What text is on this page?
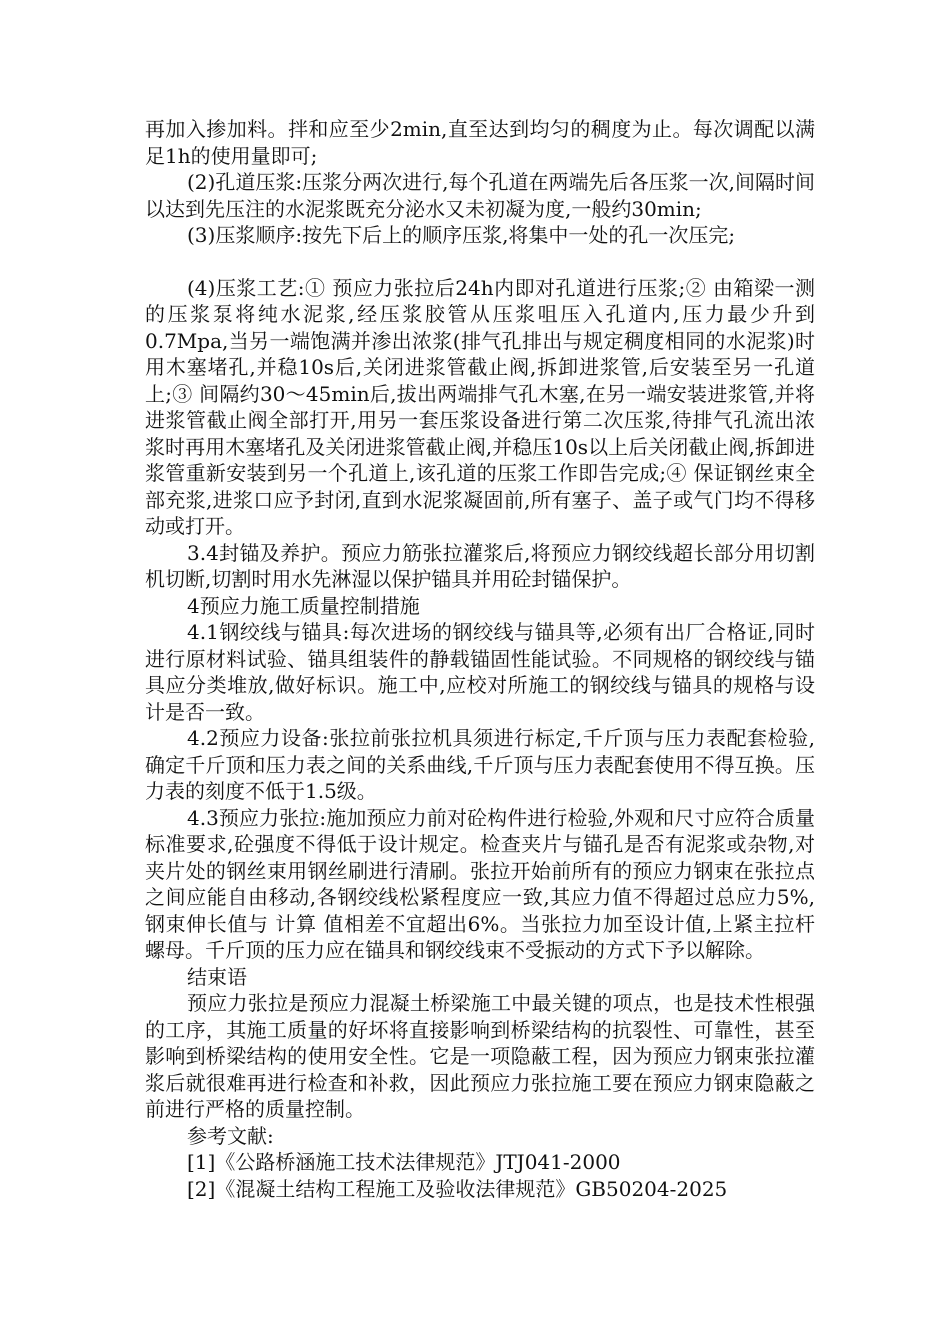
再加入掺加料。拌和应至少2min,直至达到均匀的稠度为止。每次调配以满足1h的使用量即可;

(2)孔道压浆:压浆分两次进行,每个孔道在两端先后各压浆一次,间隔时间以达到先压注的水泥浆既充分泌水又未初凝为度,一般约30min;

(3)压浆顺序:按先下后上的顺序压浆,将集中一处的孔一次压完;

(4)压浆工艺:① 预应力张拉后24h内即对孔道进行压浆;② 由箱梁一测的压浆泵将纯水泥浆,经压浆胶管从压浆咀压入孔道内,压力最少升到0.7Mpa,当另一端饱满并渗出浓浆(排气孔排出与规定稠度相同的水泥浆)时用木塞堵孔,并稳10s后,关闭进浆管截止阀,拆卸进浆管,后安装至另一孔道上;③ 间隔约30～45min后,拔出两端排气孔木塞,在另一端安装进浆管,并将进浆管截止阀全部打开,用另一套压浆设备进行第二次压浆,待排气孔流出浓浆时再用木塞堵孔及关闭进浆管截止阀,并稳压10s以上后关闭截止阀,拆卸进浆管重新安装到另一个孔道上,该孔道的压浆工作即告完成;④ 保证钢丝束全部充浆,进浆口应予封闭,直到水泥浆凝固前,所有塞子、盖子或气门均不得移动或打开。

3.4封锚及养护。预应力筋张拉灌浆后,将预应力钢绞线超长部分用切割机切断,切割时用水先淋湿以保护锚具并用砼封锚保护。

4预应力施工质量控制措施

4.1钢绞线与锚具:每次进场的钢绞线与锚具等,必须有出厂合格证,同时进行原材料试验、锚具组装件的静载锚固性能试验。不同规格的钢绞线与锚具应分类堆放,做好标识。施工中,应校对所施工的钢绞线与锚具的规格与设计是否一致。

4.2预应力设备:张拉前张拉机具须进行标定,千斤顶与压力表配套检验,确定千斤顶和压力表之间的关系曲线,千斤顶与压力表配套使用不得互换。压力表的刻度不低于1.5级。

4.3预应力张拉:施加预应力前对砼构件进行检验,外观和尺寸应符合质量标准要求,砼强度不得低于设计规定。检查夹片与锚孔是否有泥浆或杂物,对夹片处的钢丝束用钢丝刷进行清刷。张拉开始前所有的预应力钢束在张拉点之间应能自由移动,各钢绞线松紧程度应一致,其应力值不得超过总应力5%,钢束伸长值与 计算 值相差不宜超出6%。当张拉力加至设计值,上紧主拉杆螺母。千斤顶的压力应在锚具和钢绞线束不受振动的方式下予以解除。

结束语

预应力张拉是预应力混凝土桥梁施工中最关键的项点，也是技术性根强的工序，其施工质量的好坏将直接影响到桥梁结构的抗裂性、可靠性，甚至影响到桥梁结构的使用安全性。它是一项隐蔽工程，因为预应力钢束张拉灌浆后就很难再进行检查和补救，因此预应力张拉施工要在预应力钢束隐蔽之前进行严格的质量控制。

参考文献:

[1]《公路桥涵施工技术法律规范》JTJ041-2000

[2]《混凝土结构工程施工及验收法律规范》GB50204-2025
